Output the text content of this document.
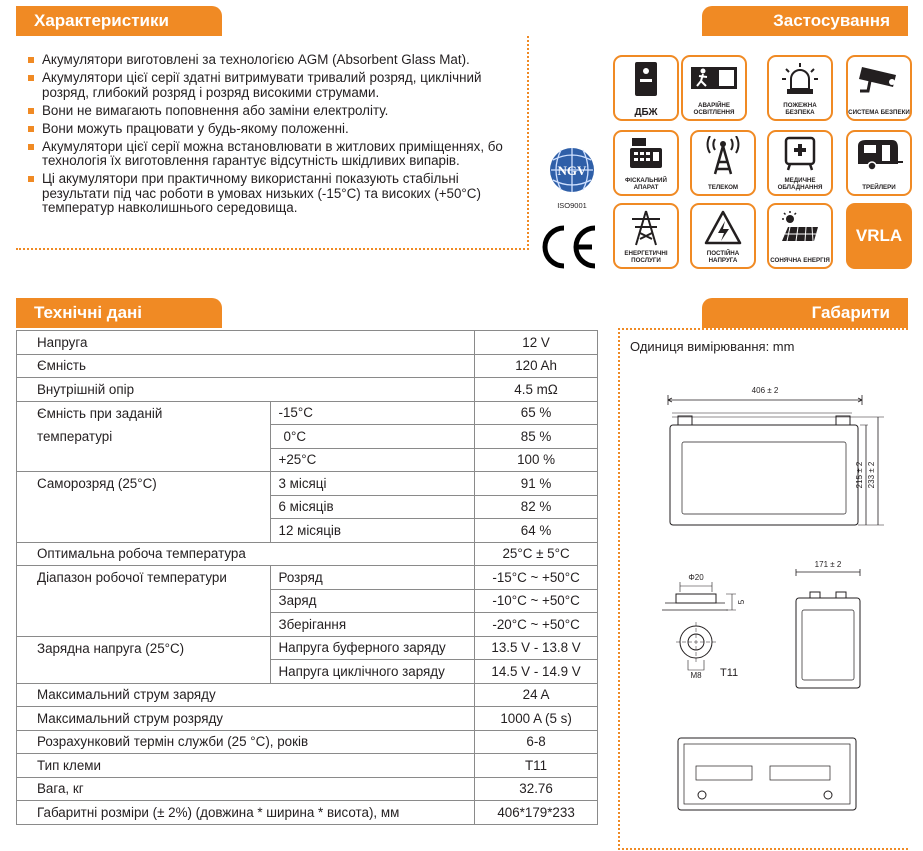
Характеристики
Акумулятори виготовлені за технологією AGM (Absorbent Glass Mat).
Акумулятори цієї серії здатні витримувати тривалий розряд, циклічний розряд, глибокий розряд і розряд високими струмами.
Вони не вимагають поповнення або заміни електроліту.
Вони можуть працювати у будь-якому положенні.
Акумулятори цієї серії можна встановлювати в житлових приміщеннях, бо технологія їх виготовлення гарантує відсутність шкідливих випарів.
Ці акумулятори при практичному використанні показують стабільні результати під час роботи в умовах низьких (-15°C) та високих (+50°C) температур навколишнього середовища.
NGV
ISO9001
Застосування
ДБЖ
АВАРІЙНЕ ОСВІТЛЕННЯ
ПОЖЕЖНА БЕЗПЕКА	СИСТЕМА БЕЗПЕКИ
ФІСКАЛЬНИЙ АПАРАТ	ТЕЛЕКОМ
МЕДИЧНЕ ОБЛАДНАННЯ	ТРЕЙЛЕРИ
ЕНЕРГЕТИЧНІ ПОСЛУГИ
ПОСТІЙНА НАПРУГА	СОНЯЧНА ЕНЕРГІЯ
VRLA
Технічні дані
Напруга		12 V
Ємність		120 Ah
Внутрішній опір		4.5 mΩ
Ємність при заданій	-15°C	65 %
температурі	0°C	85 %
	+25°C	100 %
Саморозряд (25°C)	3 місяці	91 %
	6 місяців	82 %
	12 місяців	64 %
Оптимальна робоча температура		25°C ± 5°C
Діапазон робочої температури	Розряд	-15°C ~ +50°C
	Заряд	-10°C ~ +50°C
	Зберігання	-20°C ~ +50°C
Зарядна напруга (25°C)	Напруга буферного заряду	13.5 V - 13.8 V
	Напруга циклічного заряду	14.5 V - 14.9 V
Максимальний струм заряду		24 A
Максимальний струм розряду		1000 A (5 s)
Розрахунковий термін служби (25 °C), років		6-8
Тип клеми		T11
Вага, кг		32.76
Габаритні розміри (± 2%) (довжина * ширина * висота), мм		406*179*233
Габарити
Одиниця вимірювання: mm
406 ± 2
215 ± 2 233 ± 2
Φ20
5
M8 T11
171 ± 2
